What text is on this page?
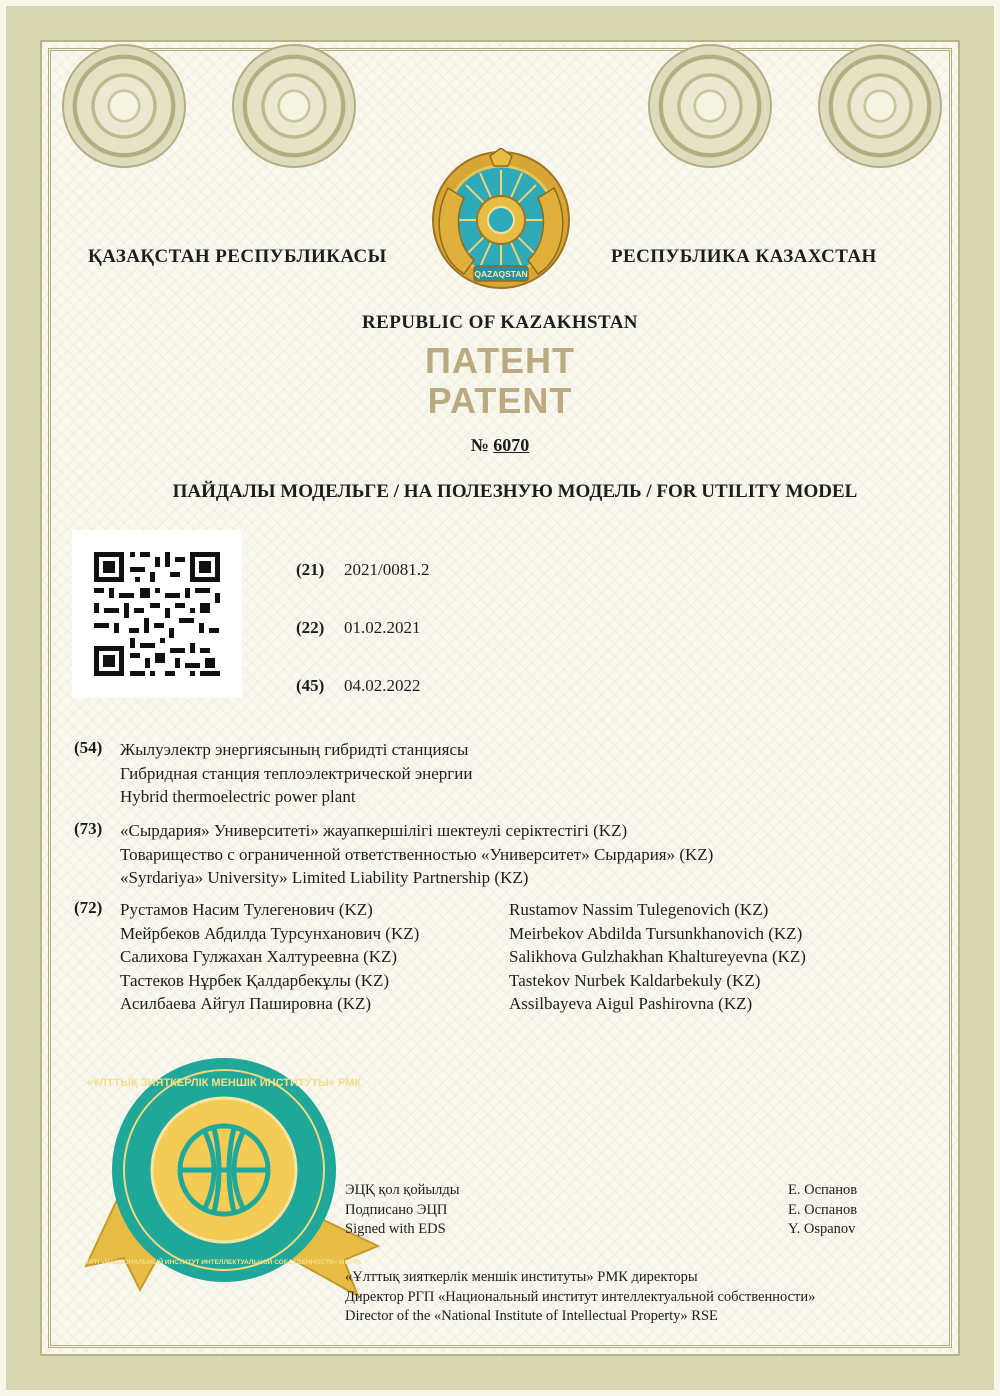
QAZAQSTAN
ҚАЗАҚСТАН РЕСПУБЛИКАСЫ	РЕСПУБЛИКА КАЗАХСТАН
REPUBLIC OF KAZAKHSTAN
ПАТЕНТ
PATENT
№ 6070
ПАЙДАЛЫ МОДЕЛЬГЕ / НА ПОЛЕЗНУЮ МОДЕЛЬ / FOR UTILITY MODEL
(21) 2021/0081.2
(22) 01.02.2021
(45) 04.02.2022
(54) Жылуэлектр энергиясының гибридті станциясы
Гибридная станция теплоэлектрической энергии
Hybrid thermoelectric power plant
(73) «Сырдария» Университеті» жауапкершілігі шектеулі серіктестігі (KZ)
Товарищество с ограниченной ответственностью «Университет» Сырдария» (KZ)
«Syrdariya» University» Limited Liability Partnership (KZ)
(72) Рустамов Насим Тулегенович (KZ)
Мейрбеков Абдилда Турсунханович (KZ)
Салихова Гулжахан Халтуреевна (KZ)
Тастеков Нұрбек Қалдарбекұлы (KZ)
Асилбаева Айгул Пашировна (KZ)
Rustamov Nassim Tulegenovich (KZ)
Meirbekov Abdilda Tursunkhanovich (KZ)
Salikhova Gulzhakhan Khaltureyevna (KZ)
Tastekov Nurbek Kaldarbekuly (KZ)
Assilbayeva Aigul Pashirovna (KZ)
«ҰЛТТЫҚ ЗИЯТКЕРЛІК МЕНШІК ИНСТИТУТЫ» РМК
РГП «НАЦИОНАЛЬНЫЙ ИНСТИТУТ ИНТЕЛЛЕКТУАЛЬНОЙ СОБСТВЕННОСТИ» МЮ РК
ЭЦҚ қол қойылды
Подписано ЭЦП
Signed with EDS
Е. Оспанов
Е. Оспанов
Y. Ospanov
«Ұлттық зияткерлік меншік институты» РМК директоры
Директор РГП «Национальный институт интеллектуальной собственности»
Director of the «National Institute of Intellectual Property» RSE
